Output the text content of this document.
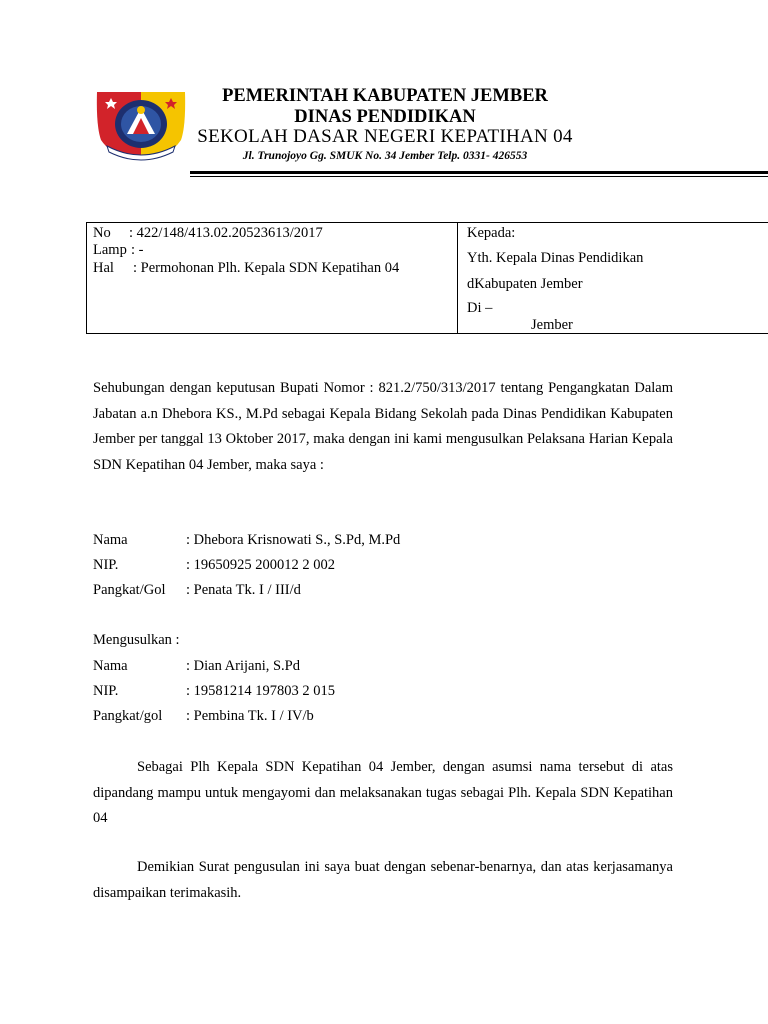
PEMERINTAH KABUPATEN JEMBER
DINAS PENDIDIKAN
SEKOLAH DASAR NEGERI KEPATIHAN 04
Jl. Trunojoyo Gg. SMUK No. 34 Jember Telp. 0331- 426553
No : 422/148/413.02.20523613/2017
Lamp : -
Hal : Permohonan Plh. Kepala SDN Kepatihan 04
Kepada:
Yth. Kepala Dinas Pendidikan
dKabupaten Jember
Di –
Jember
Sehubungan dengan keputusan Bupati Nomor : 821.2/750/313/2017 tentang Pengangkatan Dalam Jabatan a.n Dhebora KS., M.Pd sebagai Kepala Bidang Sekolah pada Dinas Pendidikan Kabupaten Jember per tanggal 13 Oktober 2017, maka dengan ini kami mengusulkan Pelaksana Harian Kepala SDN Kepatihan 04 Jember, maka saya :
Nama	: Dhebora Krisnowati S., S.Pd, M.Pd
NIP.	: 19650925 200012 2 002
Pangkat/Gol : Penata Tk. I / III/d
Mengusulkan :
Nama	: Dian Arijani, S.Pd
NIP.	: 19581214 197803 2 015
Pangkat/gol : Pembina Tk. I / IV/b
Sebagai Plh Kepala SDN Kepatihan 04 Jember, dengan asumsi nama tersebut di atas dipandang mampu untuk mengayomi dan melaksanakan tugas sebagai Plh. Kepala SDN Kepatihan 04
Demikian Surat pengusulan ini saya buat dengan sebenar-benarnya, dan atas kerjasamanya disampaikan terimakasih.
